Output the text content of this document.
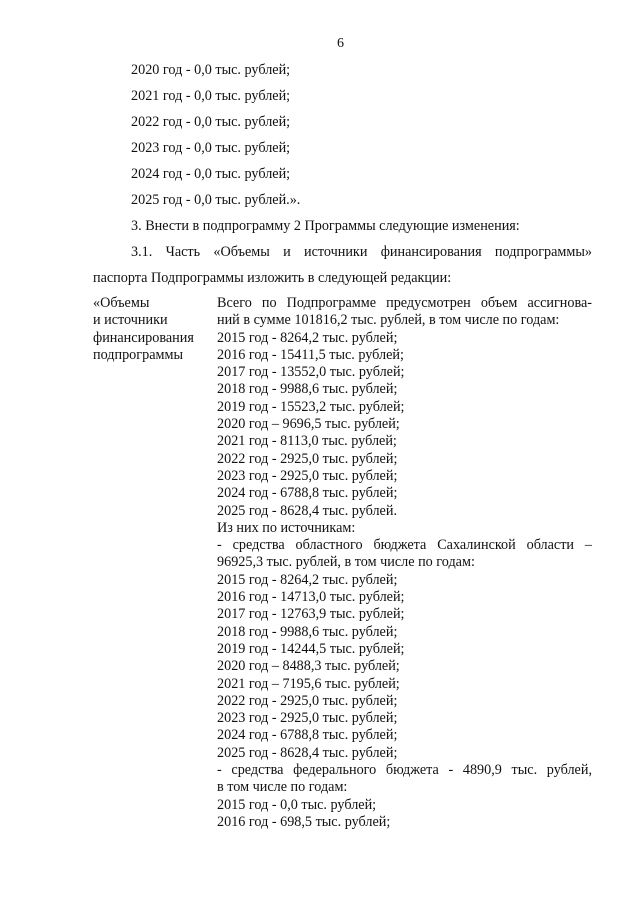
6
2020 год - 0,0 тыс. рублей;
2021 год - 0,0 тыс. рублей;
2022 год - 0,0 тыс. рублей;
2023 год - 0,0 тыс. рублей;
2024 год - 0,0 тыс. рублей;
2025 год - 0,0 тыс. рублей.».
3. Внести в подпрограмму 2 Программы следующие изменения:
3.1. Часть «Объемы и источники финансирования подпрограммы»
паспорта Подпрограммы изложить в следующей редакции:
«Объемы
и источники
финансирования
подпрограммы
Всего по Подпрограмме предусмотрен объем ассигнова-
ний в сумме 101816,2 тыс. рублей, в том числе по годам:
2015 год - 8264,2 тыс. рублей;
2016 год - 15411,5 тыс. рублей;
2017 год - 13552,0 тыс. рублей;
2018 год - 9988,6 тыс. рублей;
2019 год - 15523,2 тыс. рублей;
2020 год – 9696,5 тыс. рублей;
2021 год - 8113,0 тыс. рублей;
2022 год - 2925,0 тыс. рублей;
2023 год - 2925,0 тыс. рублей;
2024 год - 6788,8 тыс. рублей;
2025 год - 8628,4 тыс. рублей.
Из них по источникам:
- средства областного бюджета Сахалинской области –
96925,3 тыс. рублей, в том числе по годам:
2015 год - 8264,2 тыс. рублей;
2016 год - 14713,0 тыс. рублей;
2017 год - 12763,9 тыс. рублей;
2018 год - 9988,6 тыс. рублей;
2019 год - 14244,5 тыс. рублей;
2020 год – 8488,3 тыс. рублей;
2021 год – 7195,6 тыс. рублей;
2022 год - 2925,0 тыс. рублей;
2023 год - 2925,0 тыс. рублей;
2024 год - 6788,8 тыс. рублей;
2025 год - 8628,4 тыс. рублей;
- средства федерального бюджета - 4890,9 тыс. рублей,
в том числе по годам:
2015 год - 0,0 тыс. рублей;
2016 год - 698,5 тыс. рублей;
